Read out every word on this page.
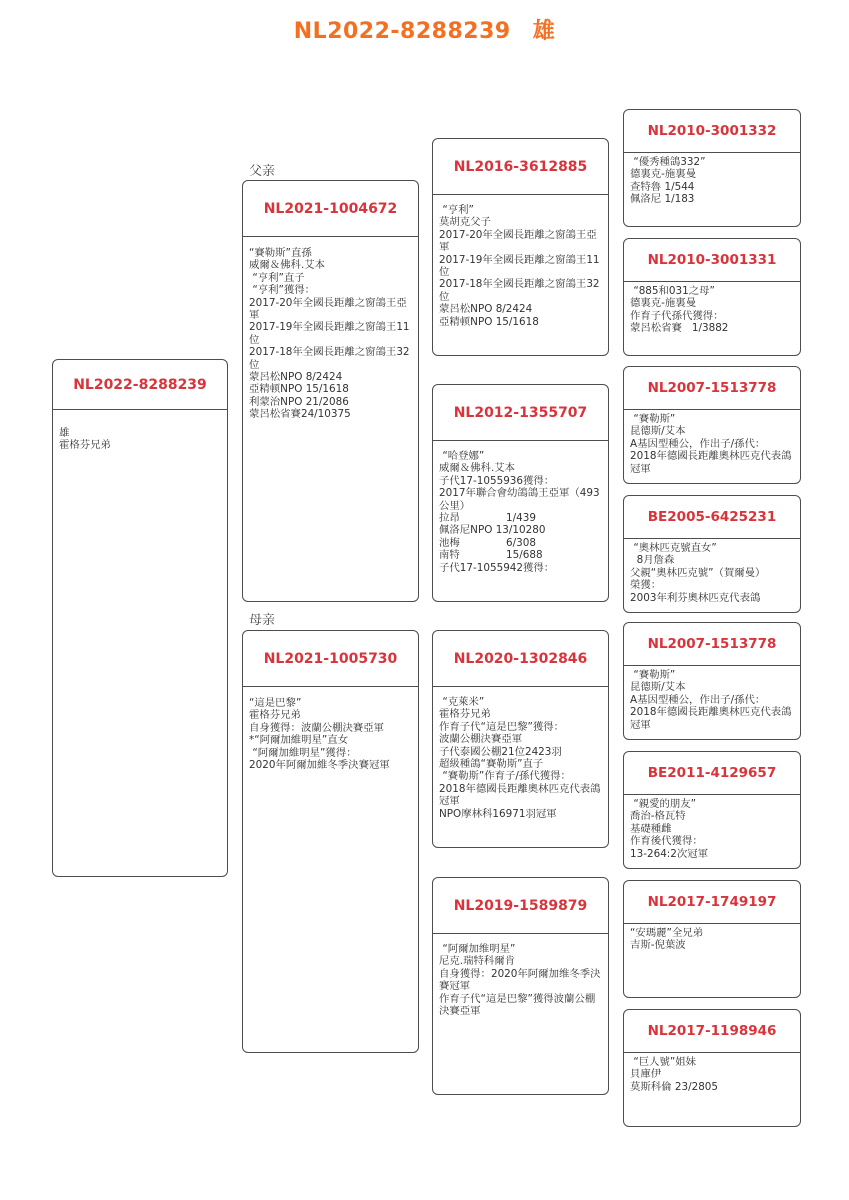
NL2022-8288239 雄
父亲
母亲
NL2022-8288239
雄
霍格芬兄弟
NL2021-1004672
“賽勒斯”直孫
威爾＆佛科.艾本
“亨利”直子
“亨利”獲得：
2017-20年全國長距離之窗鴿王亞軍
2017-19年全國長距離之窗鴿王11位
2017-18年全國長距離之窗鴿王32位
蒙呂松NPO 8/2424
亞精顿NPO 15/1618
利蒙治NPO 21/2086
蒙呂松省賽24/10375
NL2021-1005730
“這是巴黎”
霍格芬兄弟
自身獲得：波蘭公棚決賽亞軍
*“阿爾加維明星”直女
“阿爾加維明星”獲得：
2020年阿爾加維冬季決賽冠軍
NL2016-3612885
“亨利”
莫胡克父子
2017-20年全國長距離之窗鴿王亞軍
2017-19年全國長距離之窗鴿王11位
2017-18年全國長距離之窗鴿王32位
蒙呂松NPO 8/2424
亞精顿NPO 15/1618
NL2012-1355707
“哈登娜”
威爾＆佛科.艾本
子代17-1055936獲得：
2017年聯合會幼鴿鴿王亞軍（493公里）
拉昂              1/439
佩洛尼NPO 13/10280
池梅              6/308
南特              15/688
子代17-1055942獲得：
NL2020-1302846
“克萊米”
霍格芬兄弟
作育子代“這是巴黎”獲得：
波蘭公棚決賽亞軍
子代泰國公棚21位2423羽
超級種鴿“賽勒斯”直子
“賽勒斯”作育子/孫代獲得：
2018年德國長距離奧林匹克代表鴿冠軍
NPO摩林科16971羽冠軍
NL2019-1589879
“阿爾加维明星”
尼克.瑞特科爾肯
自身獲得：2020年阿爾加维冬季決賽冠軍
作育子代“這是巴黎”獲得波蘭公棚決賽亞軍
NL2010-3001332
“優秀種鴿332”
德裏克-施裏曼
查特魯 1/544
佩洛尼 1/183
NL2010-3001331
“885和031之母”
德裏克-施裏曼
作育子代孫代獲得：
蒙呂松省賽   1/3882
NL2007-1513778
“賽勒斯”
昆德斯/艾本
A基因型種公，作出子/孫代：
2018年德國長距離奧林匹克代表鴿冠軍
BE2005-6425231
“奧林匹克號直女”
8月詹森
父親“奧林匹克號”（賀爾曼）
榮獲：
2003年利芬奧林匹克代表鴿
NL2007-1513778
“賽勒斯”
昆德斯/艾本
A基因型種公，作出子/孫代：
2018年德國長距離奧林匹克代表鴿冠軍
BE2011-4129657
“親愛的朋友”
喬治-格瓦特
基礎種雌
作育後代獲得：
13-264:2次冠軍
NL2017-1749197
“安瑪麗”全兄弟
吉斯-倪葉波
NL2017-1198946
“巨人號”姐妹
貝庫伊
莫斯科倫 23/2805
